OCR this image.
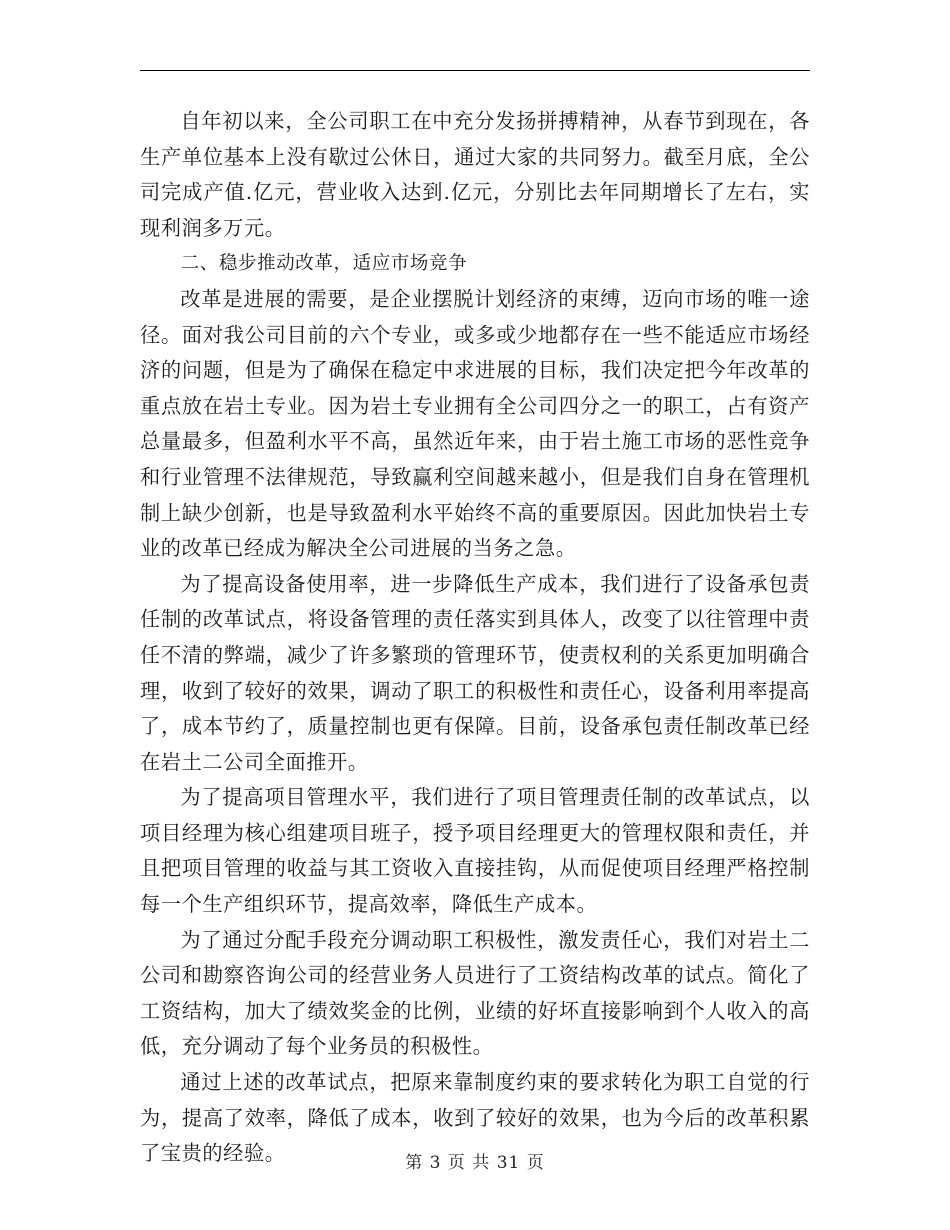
自年初以来，全公司职工在中充分发扬拼搏精神，从春节到现在，各生产单位基本上没有歇过公休日，通过大家的共同努力。截至月底，全公司完成产值.亿元，营业收入达到.亿元，分别比去年同期增长了左右，实现利润多万元。

二、稳步推动改革，适应市场竞争

改革是进展的需要，是企业摆脱计划经济的束缚，迈向市场的唯一途径。面对我公司目前的六个专业，或多或少地都存在一些不能适应市场经济的问题，但是为了确保在稳定中求进展的目标，我们决定把今年改革的重点放在岩土专业。因为岩土专业拥有全公司四分之一的职工，占有资产总量最多，但盈利水平不高，虽然近年来，由于岩土施工市场的恶性竞争和行业管理不法律规范，导致赢利空间越来越小，但是我们自身在管理机制上缺少创新，也是导致盈利水平始终不高的重要原因。因此加快岩土专业的改革已经成为解决全公司进展的当务之急。

为了提高设备使用率，进一步降低生产成本，我们进行了设备承包责任制的改革试点，将设备管理的责任落实到具体人，改变了以往管理中责任不清的弊端，减少了许多繁琐的管理环节，使责权利的关系更加明确合理，收到了较好的效果，调动了职工的积极性和责任心，设备利用率提高了，成本节约了，质量控制也更有保障。目前，设备承包责任制改革已经在岩土二公司全面推开。

为了提高项目管理水平，我们进行了项目管理责任制的改革试点，以项目经理为核心组建项目班子，授予项目经理更大的管理权限和责任，并且把项目管理的收益与其工资收入直接挂钩，从而促使项目经理严格控制每一个生产组织环节，提高效率，降低生产成本。

为了通过分配手段充分调动职工积极性，激发责任心，我们对岩土二公司和勘察咨询公司的经营业务人员进行了工资结构改革的试点。简化了工资结构，加大了绩效奖金的比例，业绩的好坏直接影响到个人收入的高低，充分调动了每个业务员的积极性。

通过上述的改革试点，把原来靠制度约束的要求转化为职工自觉的行为，提高了效率，降低了成本，收到了较好的效果，也为今后的改革积累了宝贵的经验。	第 3 页 共 31 页
